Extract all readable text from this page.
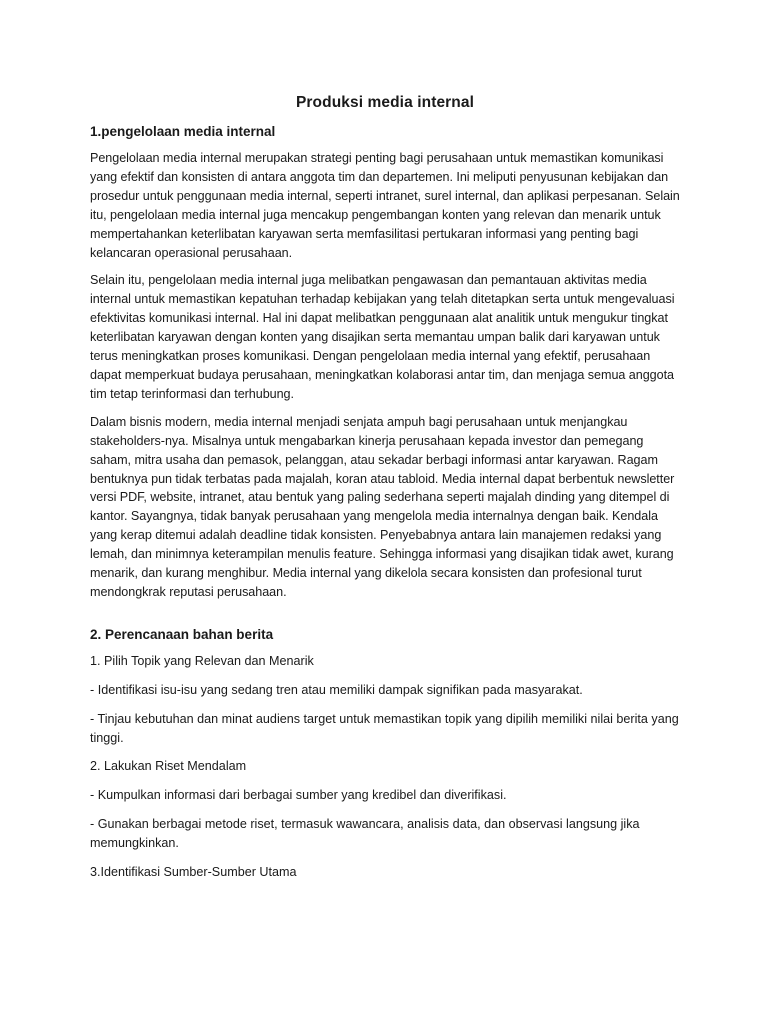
Produksi media internal
1.pengelolaan media internal

Pengelolaan media internal merupakan strategi penting bagi perusahaan untuk memastikan komunikasi yang efektif dan konsisten di antara anggota tim dan departemen. Ini meliputi penyusunan kebijakan dan prosedur untuk penggunaan media internal, seperti intranet, surel internal, dan aplikasi perpesanan. Selain itu, pengelolaan media internal juga mencakup pengembangan konten yang relevan dan menarik untuk mempertahankan keterlibatan karyawan serta memfasilitasi pertukaran informasi yang penting bagi kelancaran operasional perusahaan.

Selain itu, pengelolaan media internal juga melibatkan pengawasan dan pemantauan aktivitas media internal untuk memastikan kepatuhan terhadap kebijakan yang telah ditetapkan serta untuk mengevaluasi efektivitas komunikasi internal. Hal ini dapat melibatkan penggunaan alat analitik untuk mengukur tingkat keterlibatan karyawan dengan konten yang disajikan serta memantau umpan balik dari karyawan untuk terus meningkatkan proses komunikasi. Dengan pengelolaan media internal yang efektif, perusahaan dapat memperkuat budaya perusahaan, meningkatkan kolaborasi antar tim, dan menjaga semua anggota tim tetap terinformasi dan terhubung.

Dalam bisnis modern, media internal menjadi senjata ampuh bagi perusahaan untuk menjangkau stakeholders-nya. Misalnya untuk mengabarkan kinerja perusahaan kepada investor dan pemegang saham, mitra usaha dan pemasok, pelanggan, atau sekadar berbagi informasi antar karyawan. Ragam bentuknya pun tidak terbatas pada majalah, koran atau tabloid. Media internal dapat berbentuk newsletter versi PDF, website, intranet, atau bentuk yang paling sederhana seperti majalah dinding yang ditempel di kantor. Sayangnya, tidak banyak perusahaan yang mengelola media internalnya dengan baik. Kendala yang kerap ditemui adalah deadline tidak konsisten. Penyebabnya antara lain manajemen redaksi yang lemah, dan minimnya keterampilan menulis feature. Sehingga informasi yang disajikan tidak awet, kurang menarik, dan kurang menghibur. Media internal yang dikelola secara konsisten dan profesional turut mendongkrak reputasi perusahaan.

2. Perencanaan bahan berita

1. Pilih Topik yang Relevan dan Menarik

- Identifikasi isu-isu yang sedang tren atau memiliki dampak signifikan pada masyarakat.

- Tinjau kebutuhan dan minat audiens target untuk memastikan topik yang dipilih memiliki nilai berita yang tinggi.

2. Lakukan Riset Mendalam

- Kumpulkan informasi dari berbagai sumber yang kredibel dan diverifikasi.

- Gunakan berbagai metode riset, termasuk wawancara, analisis data, dan observasi langsung jika memungkinkan.

3.Identifikasi Sumber-Sumber Utama
